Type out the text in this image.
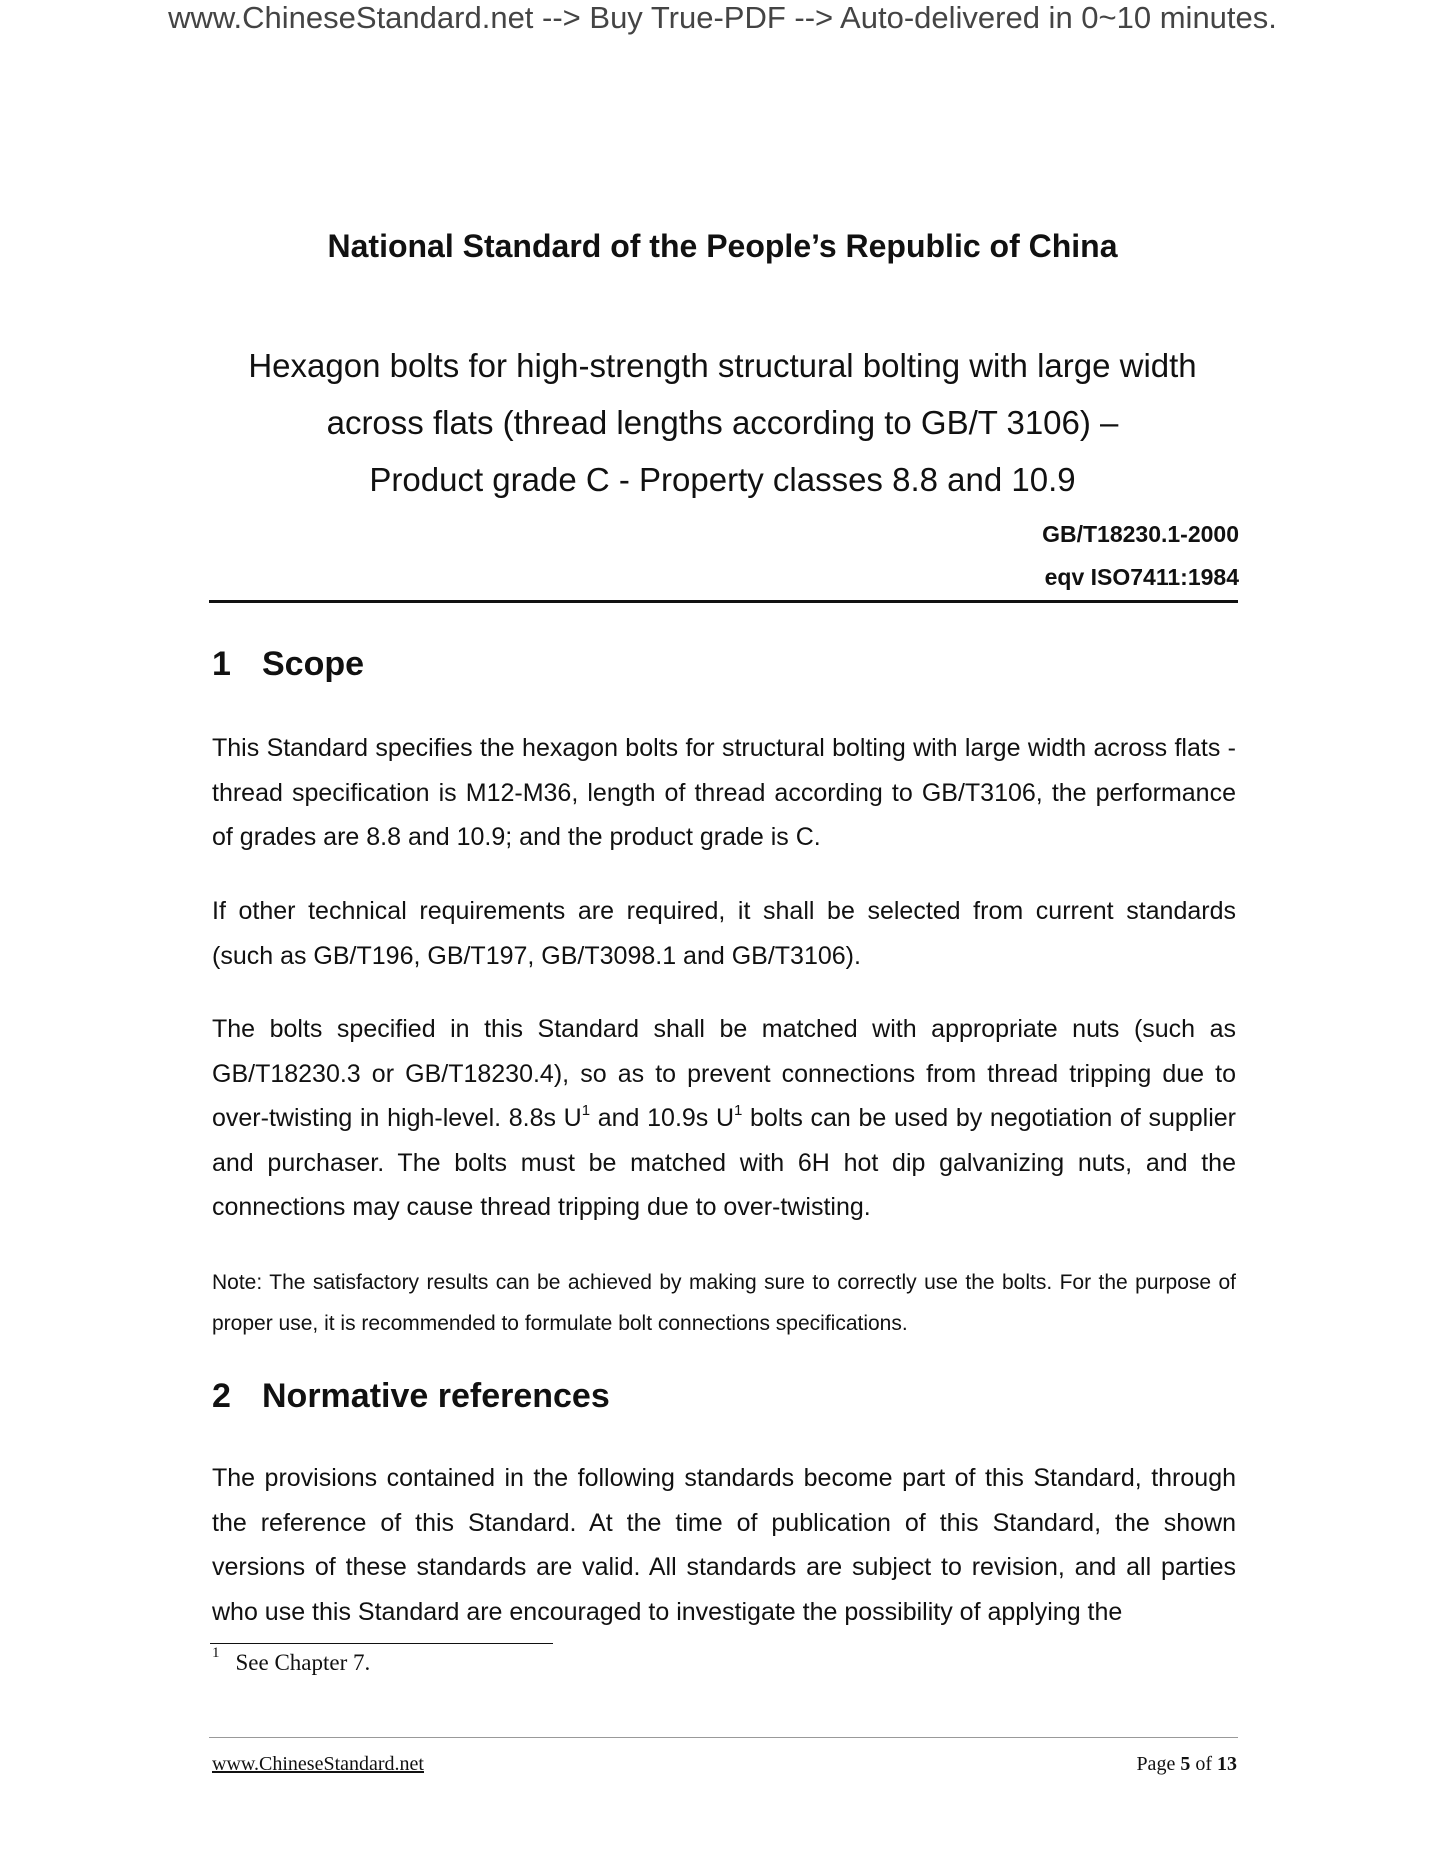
www.ChineseStandard.net --> Buy True-PDF --> Auto-delivered in 0~10 minutes.
National Standard of the People’s Republic of China
Hexagon bolts for high-strength structural bolting with large width
across flats (thread lengths according to GB/T 3106) –
Product grade C - Property classes 8.8 and 10.9
GB/T18230.1-2000
eqv ISO7411:1984
1 Scope

This Standard specifies the hexagon bolts for structural bolting with large width across flats - thread specification is M12-M36, length of thread according to GB/T3106, the performance of grades are 8.8 and 10.9; and the product grade is C.

If other technical requirements are required, it shall be selected from current standards (such as GB/T196, GB/T197, GB/T3098.1 and GB/T3106).

The bolts specified in this Standard shall be matched with appropriate nuts (such as GB/T18230.3 or GB/T18230.4), so as to prevent connections from thread tripping due to over-twisting in high-level. 8.8s $U^1$ and 10.9s $U^1$ bolts can be used by negotiation of supplier and purchaser. The bolts must be matched with 6H hot dip galvanizing nuts, and the connections may cause thread tripping due to over-twisting.

Note: The satisfactory results can be achieved by making sure to correctly use the bolts. For the purpose of proper use, it is recommended to formulate bolt connections specifications.

2 Normative references

The provisions contained in the following standards become part of this Standard, through the reference of this Standard. At the time of publication of this Standard, the shown versions of these standards are valid. All standards are subject to revision, and all parties who use this Standard are encouraged to investigate the possibility of applying the

$^1$ See Chapter 7.
www.ChineseStandard.net	Page 5 of 13
